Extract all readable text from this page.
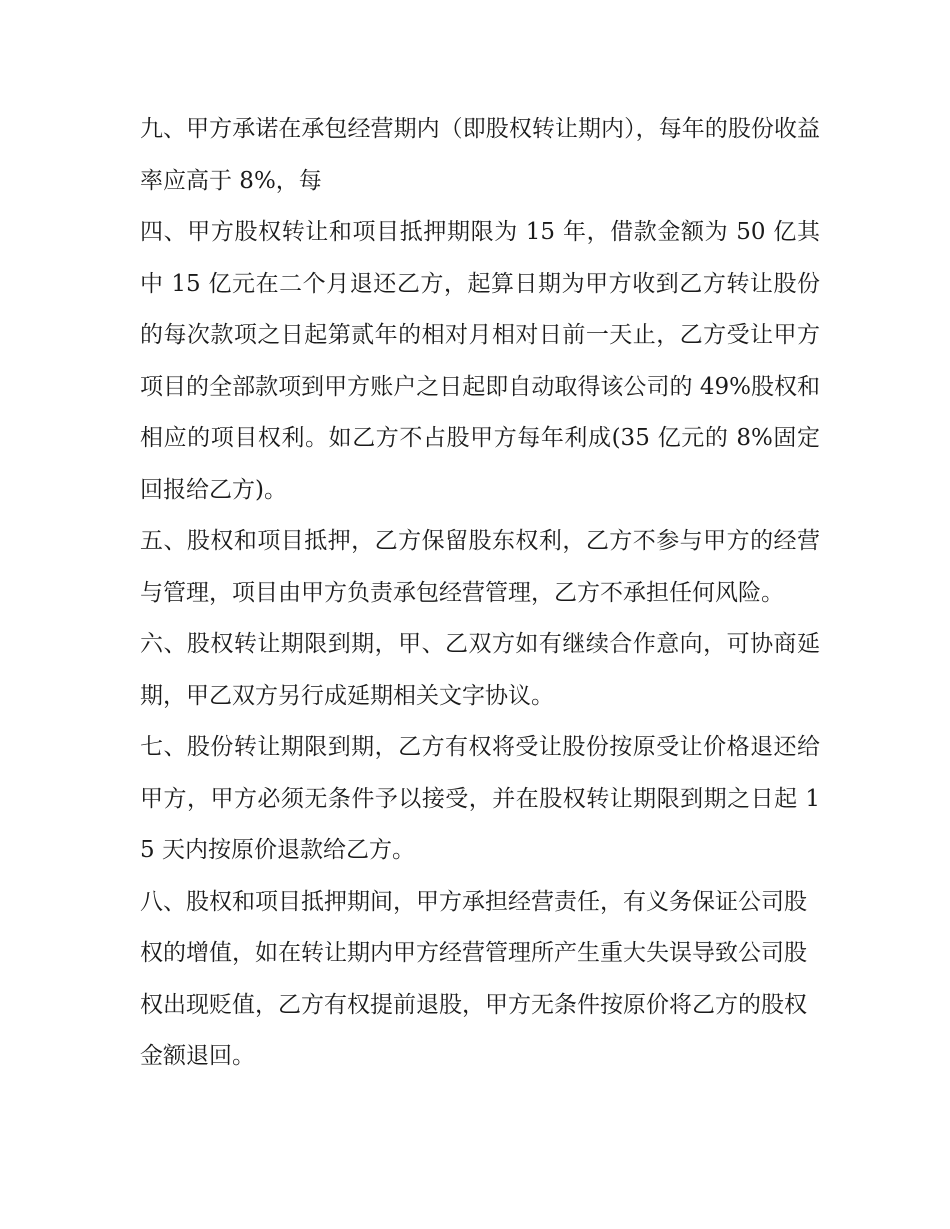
九、甲方承诺在承包经营期内（即股权转让期内），每年的股份收益率应高于 8%，每

四、甲方股权转让和项目抵押期限为 15 年，借款金额为 50 亿其中 15 亿元在二个月退还乙方，起算日期为甲方收到乙方转让股份的每次款项之日起第贰年的相对月相对日前一天止，乙方受让甲方项目的全部款项到甲方账户之日起即自动取得该公司的 49%股权和相应的项目权利。如乙方不占股甲方每年利成(35 亿元的 8%固定回报给乙方)。

五、股权和项目抵押，乙方保留股东权利，乙方不参与甲方的经营与管理，项目由甲方负责承包经营管理，乙方不承担任何风险。

六、股权转让期限到期，甲、乙双方如有继续合作意向，可协商延期，甲乙双方另行成延期相关文字协议。

七、股份转让期限到期，乙方有权将受让股份按原受让价格退还给甲方，甲方必须无条件予以接受，并在股权转让期限到期之日起 15 天内按原价退款给乙方。

八、股权和项目抵押期间，甲方承担经营责任，有义务保证公司股权的增值，如在转让期内甲方经营管理所产生重大失误导致公司股权出现贬值，乙方有权提前退股，甲方无条件按原价将乙方的股权金额退回。
